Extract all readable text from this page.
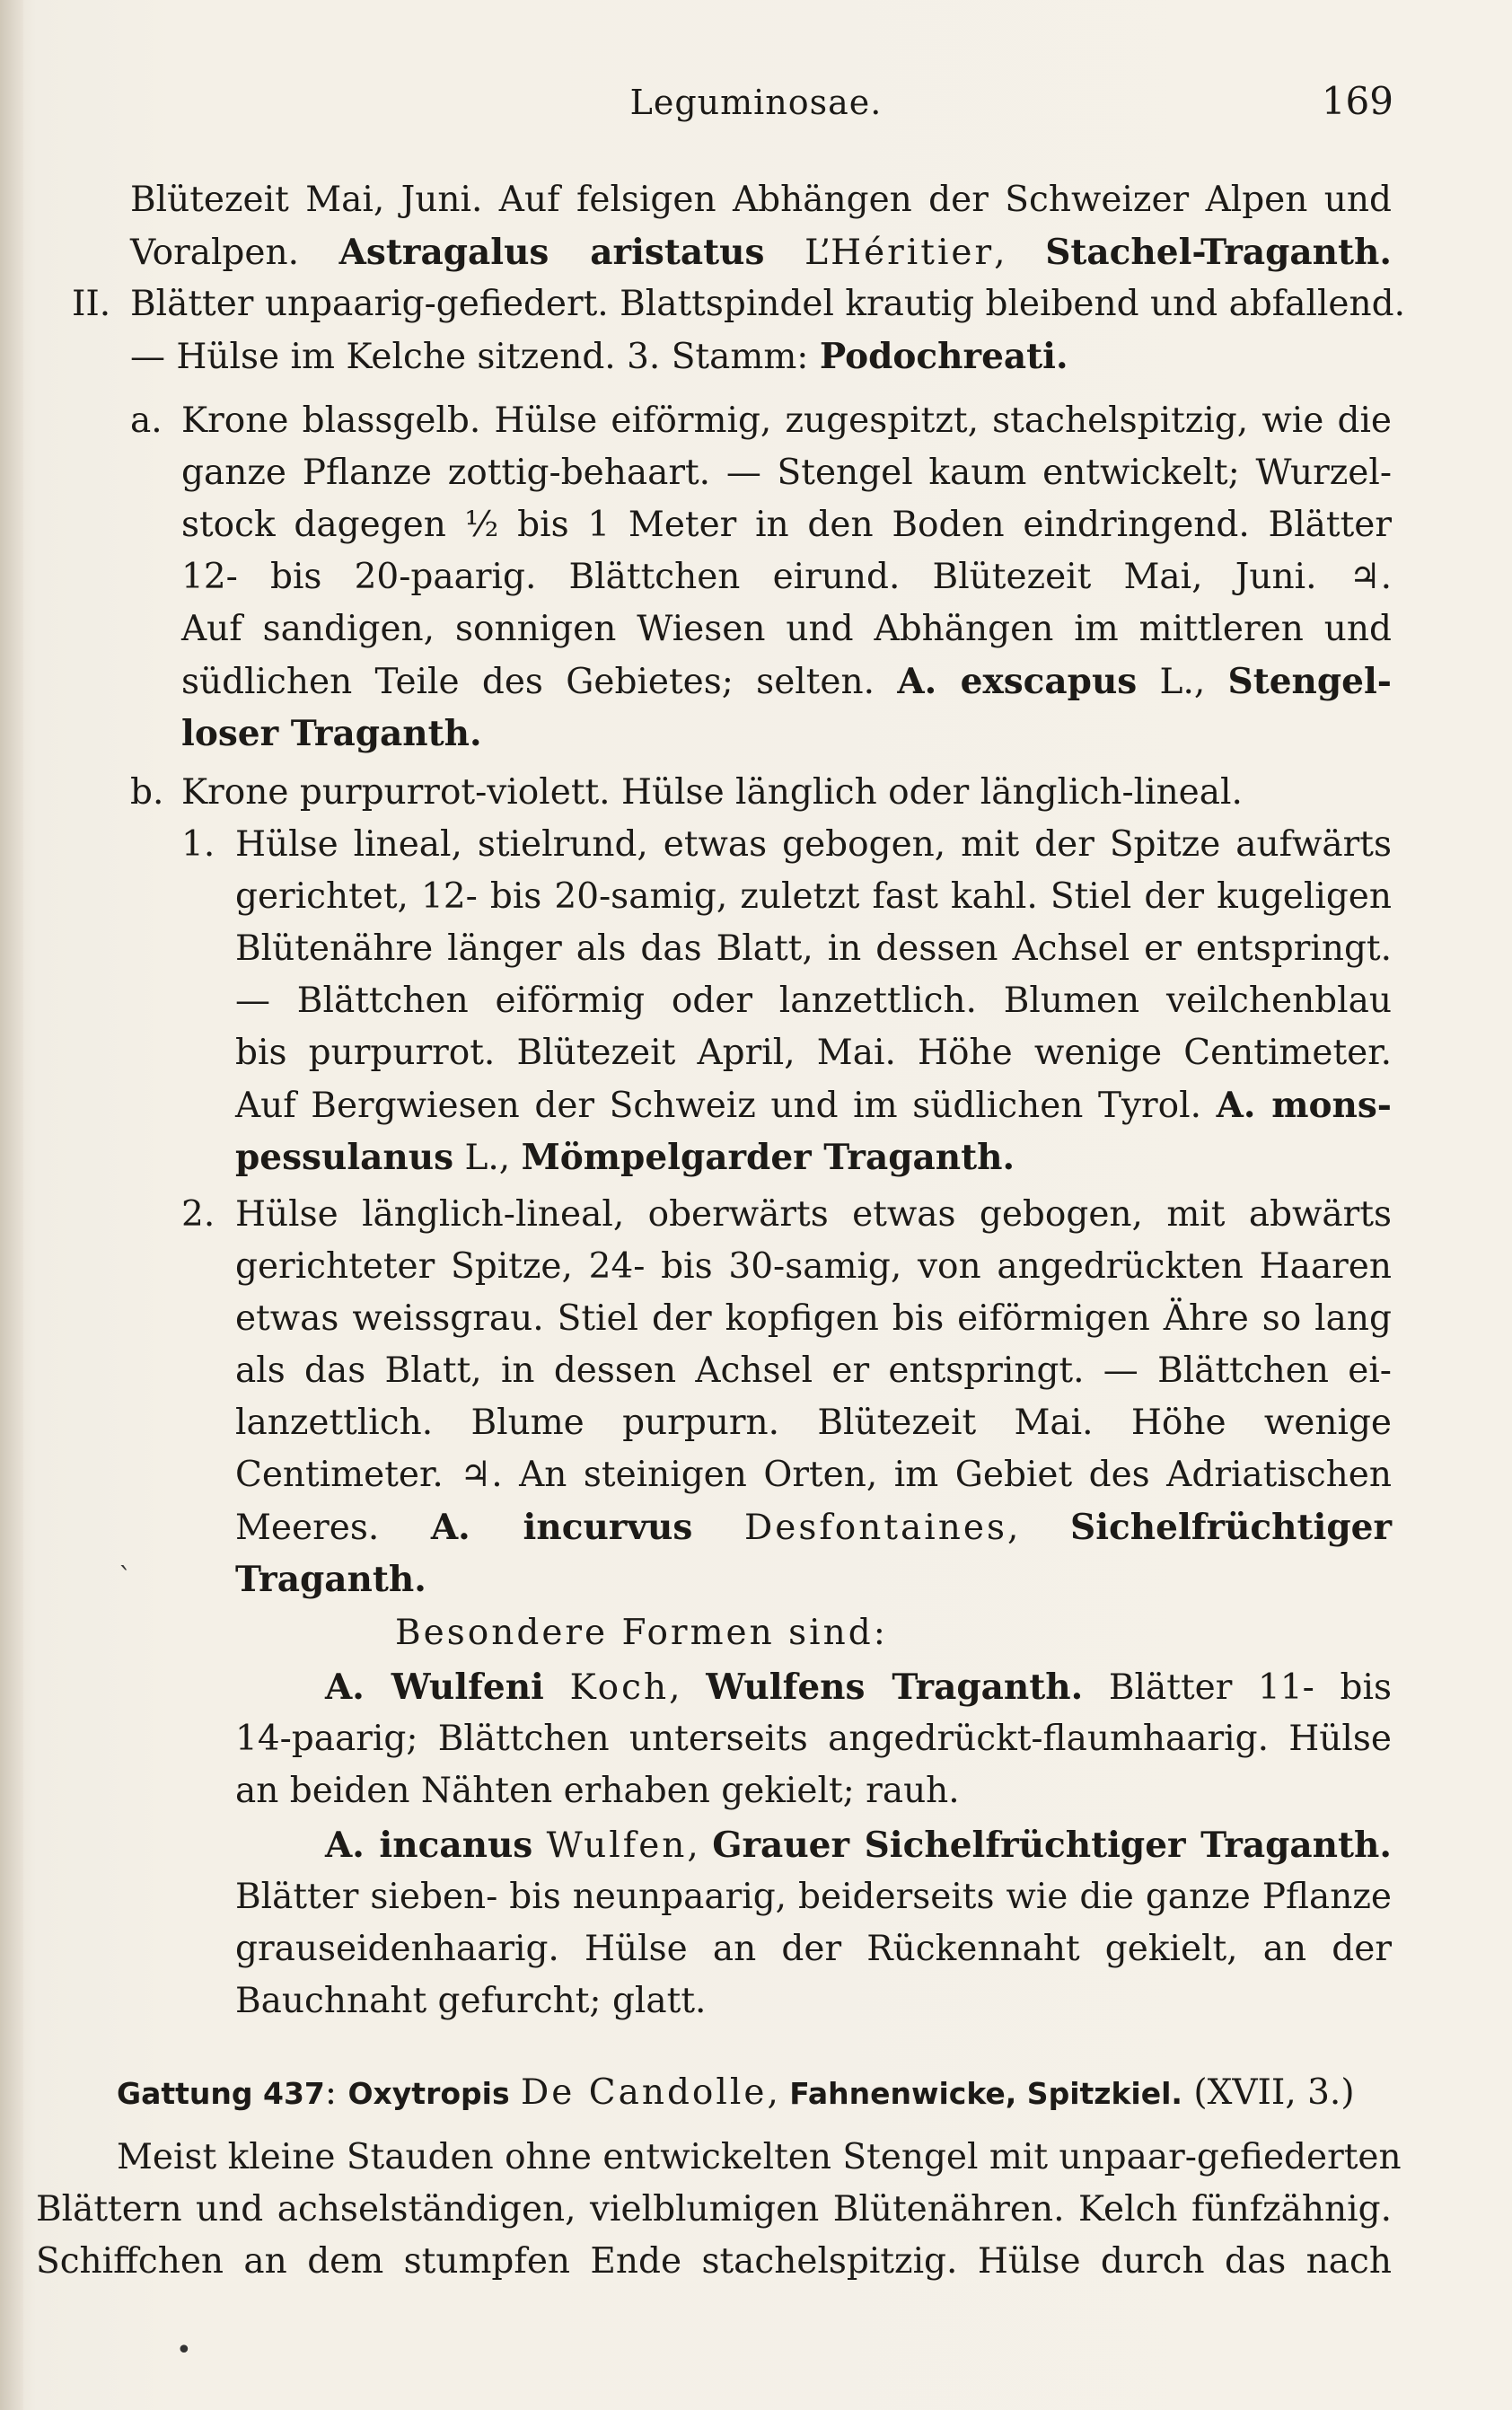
Leguminosae.	169
Blütezeit Mai, Juni. Auf felsigen Abhängen der Schweizer Alpen und
Voralpen. Astragalus aristatus L’Héritier, Stachel-Traganth.
II. Blätter unpaarig-gefiedert. Blattspindel krautig bleibend und abfallend.
— Hülse im Kelche sitzend. 3. Stamm: Podochreati.
a. Krone blassgelb. Hülse eiförmig, zugespitzt, stachelspitzig, wie die
ganze Pflanze zottig-behaart. — Stengel kaum entwickelt; Wurzel-
stock dagegen ½ bis 1 Meter in den Boden eindringend. Blätter
12- bis 20-paarig. Blättchen eirund. Blütezeit Mai, Juni. ♃.
Auf sandigen, sonnigen Wiesen und Abhängen im mittleren und
südlichen Teile des Gebietes; selten. A. exscapus L., Stengel-
loser Traganth.
b. Krone purpurrot-violett. Hülse länglich oder länglich-lineal.
1. Hülse lineal, stielrund, etwas gebogen, mit der Spitze aufwärts
gerichtet, 12- bis 20-samig, zuletzt fast kahl. Stiel der kugeligen
Blütenähre länger als das Blatt, in dessen Achsel er entspringt.
— Blättchen eiförmig oder lanzettlich. Blumen veilchenblau
bis purpurrot. Blütezeit April, Mai. Höhe wenige Centimeter.
Auf Bergwiesen der Schweiz und im südlichen Tyrol. A. mons-
pessulanus L., Mömpelgarder Traganth.
2. Hülse länglich-lineal, oberwärts etwas gebogen, mit abwärts
gerichteter Spitze, 24- bis 30-samig, von angedrückten Haaren
etwas weissgrau. Stiel der kopfigen bis eiförmigen Ähre so lang
als das Blatt, in dessen Achsel er entspringt. — Blättchen ei-
lanzettlich. Blume purpurn. Blütezeit Mai. Höhe wenige
Centimeter. ♃. An steinigen Orten, im Gebiet des Adriatischen
Meeres. A. incurvus Desfontaines, Sichelfrüchtiger
Traganth.
ˋ
Besondere Formen sind:
A. Wulfeni Koch, Wulfens Traganth. Blätter 11- bis
14-paarig; Blättchen unterseits angedrückt-flaumhaarig. Hülse
an beiden Nähten erhaben gekielt; rauh.
A. incanus Wulfen, Grauer Sichelfrüchtiger Traganth.
Blätter sieben- bis neunpaarig, beiderseits wie die ganze Pflanze
grauseidenhaarig. Hülse an der Rückennaht gekielt, an der
Bauchnaht gefurcht; glatt.
Gattung 437: Oxytropis De Candolle, Fahnenwicke, Spitzkiel. (XVII, 3.)
Meist kleine Stauden ohne entwickelten Stengel mit unpaar-gefiederten
Blättern und achselständigen, vielblumigen Blütenähren. Kelch fünfzähnig.
Schiffchen an dem stumpfen Ende stachelspitzig. Hülse durch das nach
•
